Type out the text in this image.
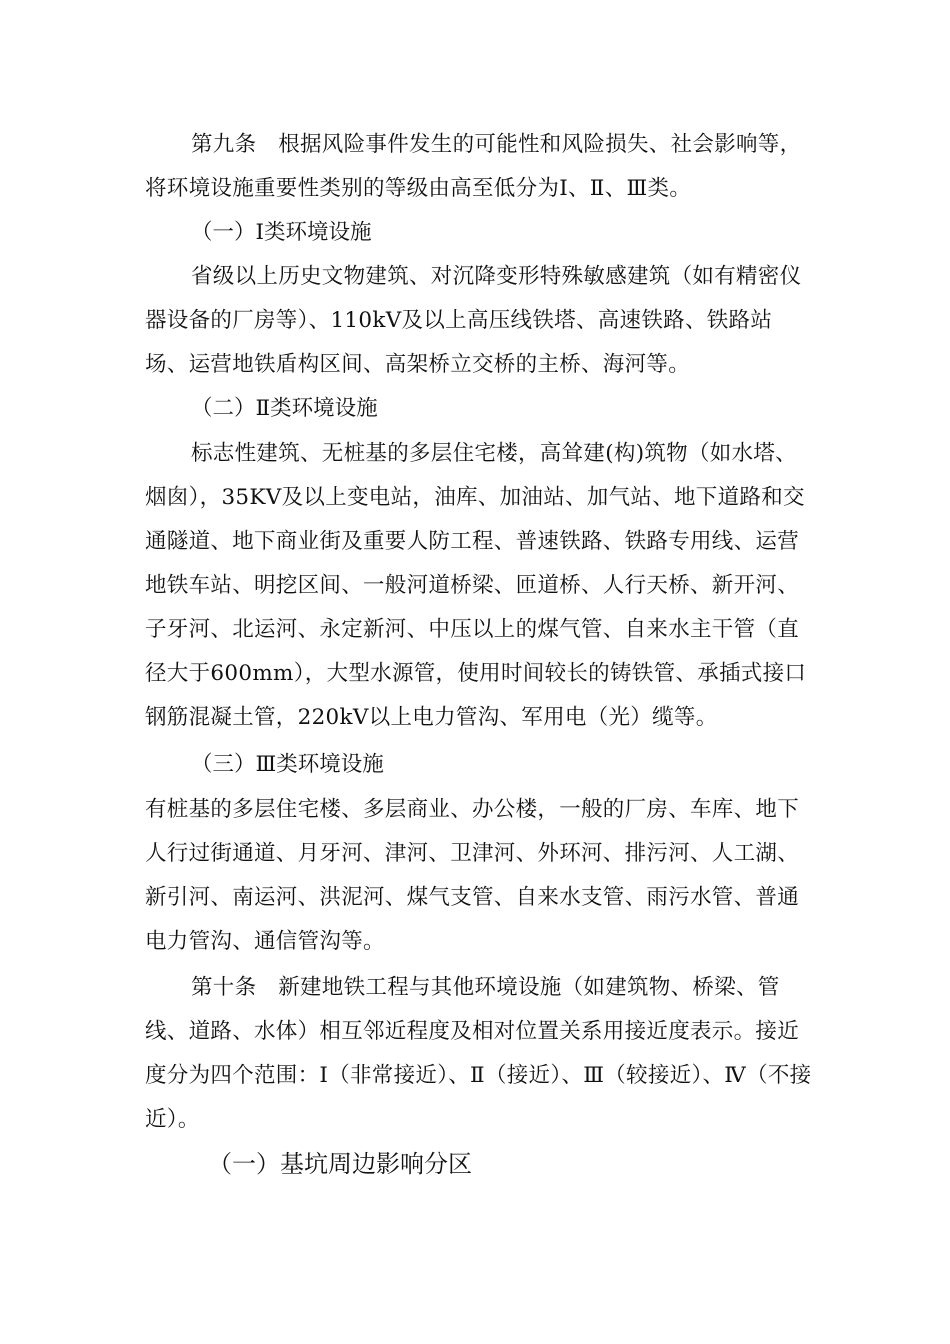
第九条　根据风险事件发生的可能性和风险损失、社会影响等，将环境设施重要性类别的等级由高至低分为Ⅰ、Ⅱ、Ⅲ类。

（一）Ⅰ类环境设施

省级以上历史文物建筑、对沉降变形特殊敏感建筑（如有精密仪器设备的厂房等）、110kV及以上高压线铁塔、高速铁路、铁路站场、运营地铁盾构区间、高架桥立交桥的主桥、海河等。

（二）Ⅱ类环境设施

标志性建筑、无桩基的多层住宅楼，高耸建(构)筑物（如水塔、烟囱），35KV及以上变电站，油库、加油站、加气站、地下道路和交通隧道、地下商业街及重要人防工程、普速铁路、铁路专用线、运营地铁车站、明挖区间、一般河道桥梁、匝道桥、人行天桥、新开河、子牙河、北运河、永定新河、中压以上的煤气管、自来水主干管（直径大于600mm），大型水源管，使用时间较长的铸铁管、承插式接口钢筋混凝土管，220kV以上电力管沟、军用电（光）缆等。

（三）Ⅲ类环境设施

有桩基的多层住宅楼、多层商业、办公楼，一般的厂房、车库、地下人行过街通道、月牙河、津河、卫津河、外环河、排污河、人工湖、新引河、南运河、洪泥河、煤气支管、自来水支管、雨污水管、普通电力管沟、通信管沟等。

第十条　新建地铁工程与其他环境设施（如建筑物、桥梁、管线、道路、水体）相互邻近程度及相对位置关系用接近度表示。接近度分为四个范围：Ⅰ（非常接近）、Ⅱ（接近）、Ⅲ（较接近）、Ⅳ（不接近）。

（一）基坑周边影响分区
